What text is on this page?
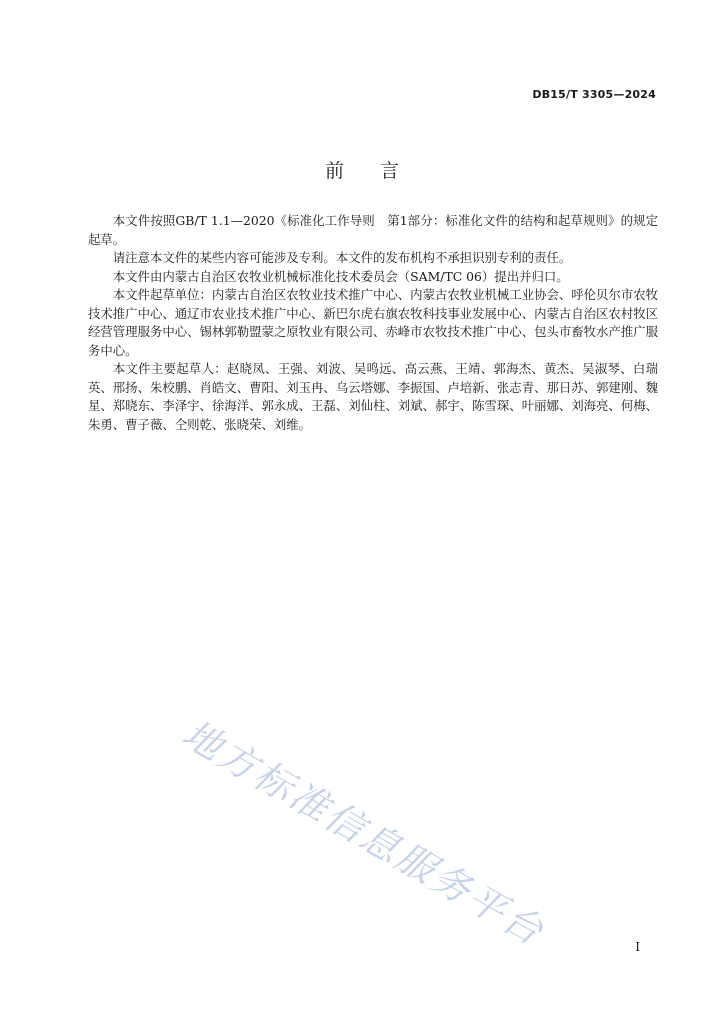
DB15/T 3305—2024
前言

本文件按照GB/T 1.1—2020《标准化工作导则　第1部分：标准化文件的结构和起草规则》的规定起草。

请注意本文件的某些内容可能涉及专利。本文件的发布机构不承担识别专利的责任。

本文件由内蒙古自治区农牧业机械标准化技术委员会（SAM/TC 06）提出并归口。

本文件起草单位：内蒙古自治区农牧业技术推广中心、内蒙古农牧业机械工业协会、呼伦贝尔市农牧技术推广中心、通辽市农业技术推广中心、新巴尔虎右旗农牧科技事业发展中心、内蒙古自治区农村牧区经营管理服务中心、锡林郭勒盟蒙之原牧业有限公司、赤峰市农牧技术推广中心、包头市畜牧水产推广服务中心。

本文件主要起草人：赵晓凤、王强、刘波、吴鸣远、高云燕、王靖、郭海杰、黄杰、吴淑琴、白瑞英、邢扬、朱校鹏、肖皓文、曹阳、刘玉冉、乌云塔娜、李振国、卢培新、张志青、那日苏、郭建刚、魏星、郑晓东、李泽宇、徐海洋、郭永成、王磊、刘仙柱、刘斌、郝宇、陈雪琛、叶丽娜、刘海亮、何梅、朱勇、曹子薇、仝则乾、张晓荣、刘维。

地方标准信息服务平台	I
